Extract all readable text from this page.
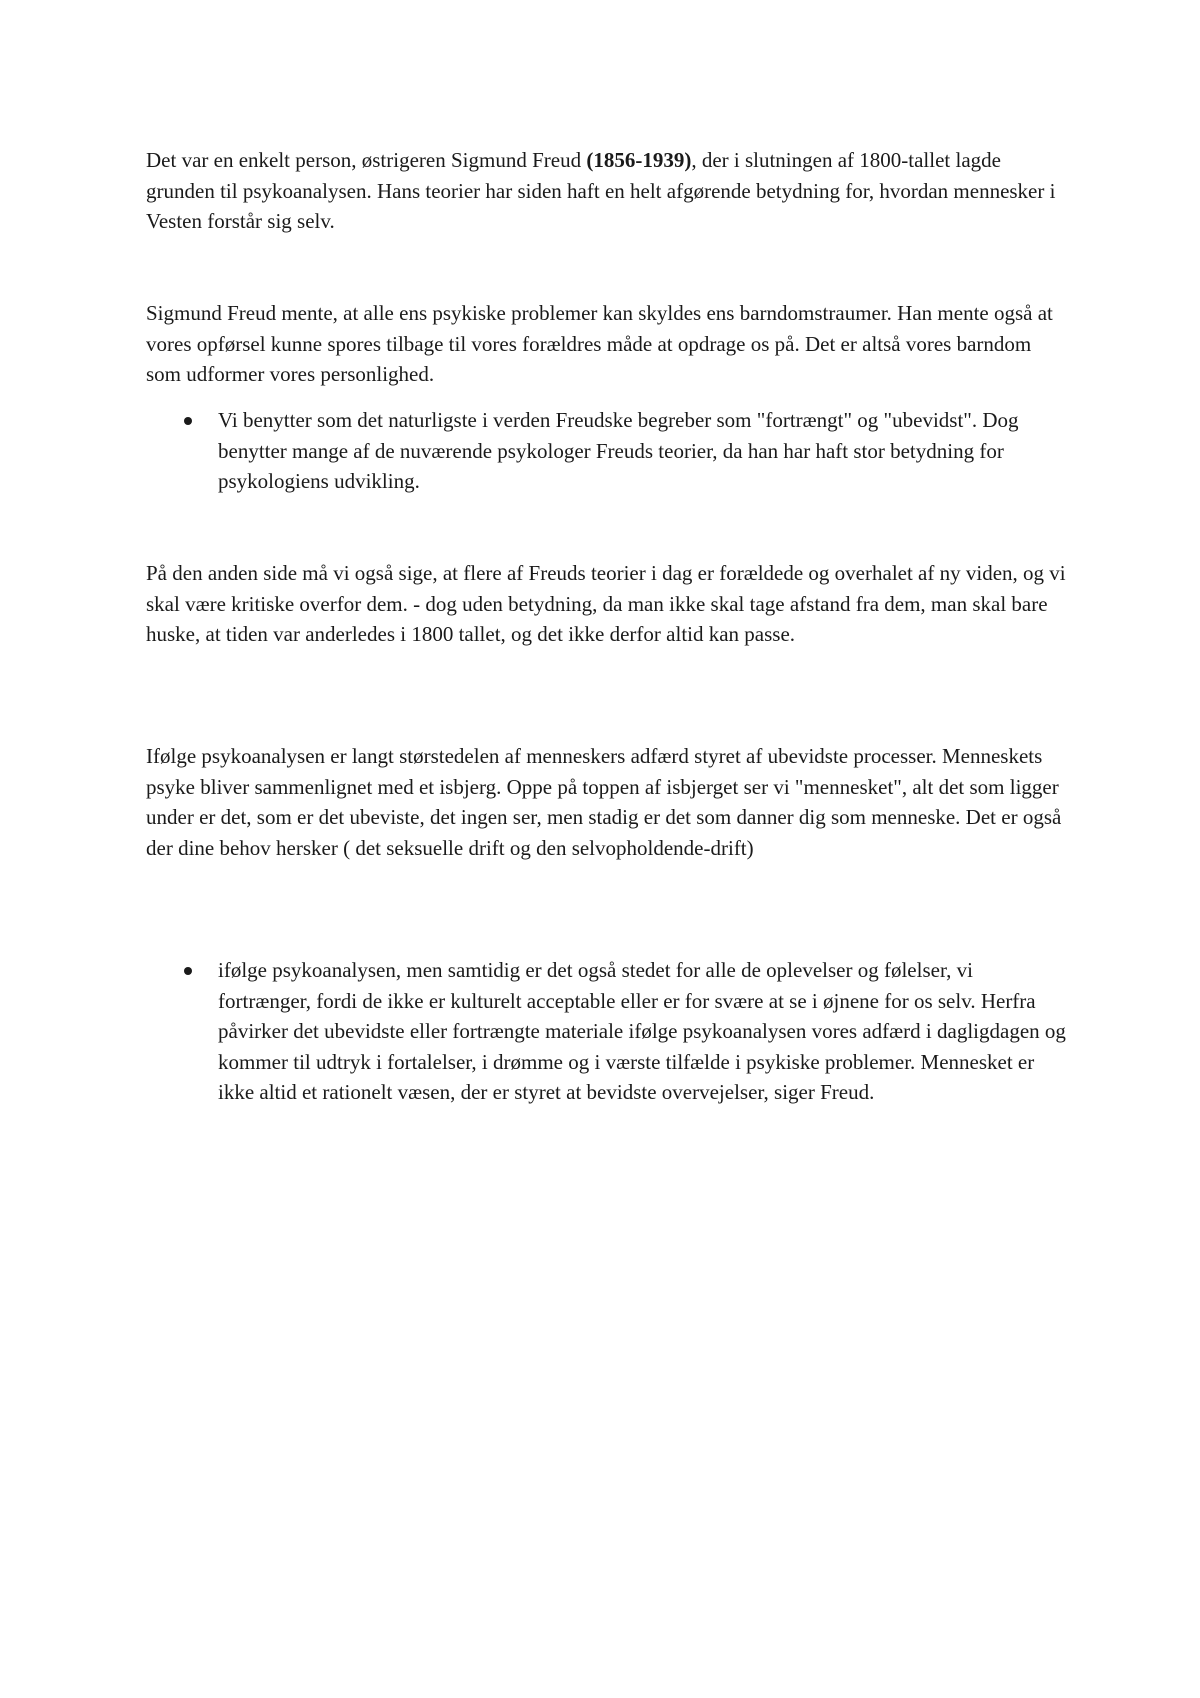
Det var en enkelt person, østrigeren Sigmund Freud (1856-1939), der i slutningen af 1800-tallet lagde grunden til psykoanalysen. Hans teorier har siden haft en helt afgørende betydning for, hvordan mennesker i Vesten forstår sig selv.

Sigmund Freud mente, at alle ens psykiske problemer kan skyldes ens barndomstraumer. Han mente også at vores opførsel kunne spores tilbage til vores forældres måde at opdrage os på. Det er altså vores barndom som udformer vores personlighed.

Vi benytter som det naturligste i verden Freudske begreber som "fortrængt" og "ubevidst". Dog benytter mange af de nuværende psykologer Freuds teorier, da han har haft stor betydning for psykologiens udvikling.

På den anden side må vi også sige, at flere af Freuds teorier i dag er forældede og overhalet af ny viden, og vi skal være kritiske overfor dem. - dog uden betydning, da man ikke skal tage afstand fra dem, man skal bare huske, at tiden var anderledes i 1800 tallet, og det ikke derfor altid kan passe.

Ifølge psykoanalysen er langt størstedelen af menneskers adfærd styret af ubevidste processer. Menneskets psyke bliver sammenlignet med et isbjerg. Oppe på toppen af isbjerget ser vi "mennesket", alt det som ligger under er det, som er det ubeviste, det ingen ser, men stadig er det som danner dig som menneske. Det er også der dine behov hersker ( det seksuelle drift og den selvopholdende-drift)

ifølge psykoanalysen, men samtidig er det også stedet for alle de oplevelser og følelser, vi fortrænger, fordi de ikke er kulturelt acceptable eller er for svære at se i øjnene for os selv. Herfra påvirker det ubevidste eller fortrængte materiale ifølge psykoanalysen vores adfærd i dagligdagen og kommer til udtryk i fortalelser, i drømme og i værste tilfælde i psykiske problemer. Mennesket er ikke altid et rationelt væsen, der er styret at bevidste overvejelser, siger Freud.
